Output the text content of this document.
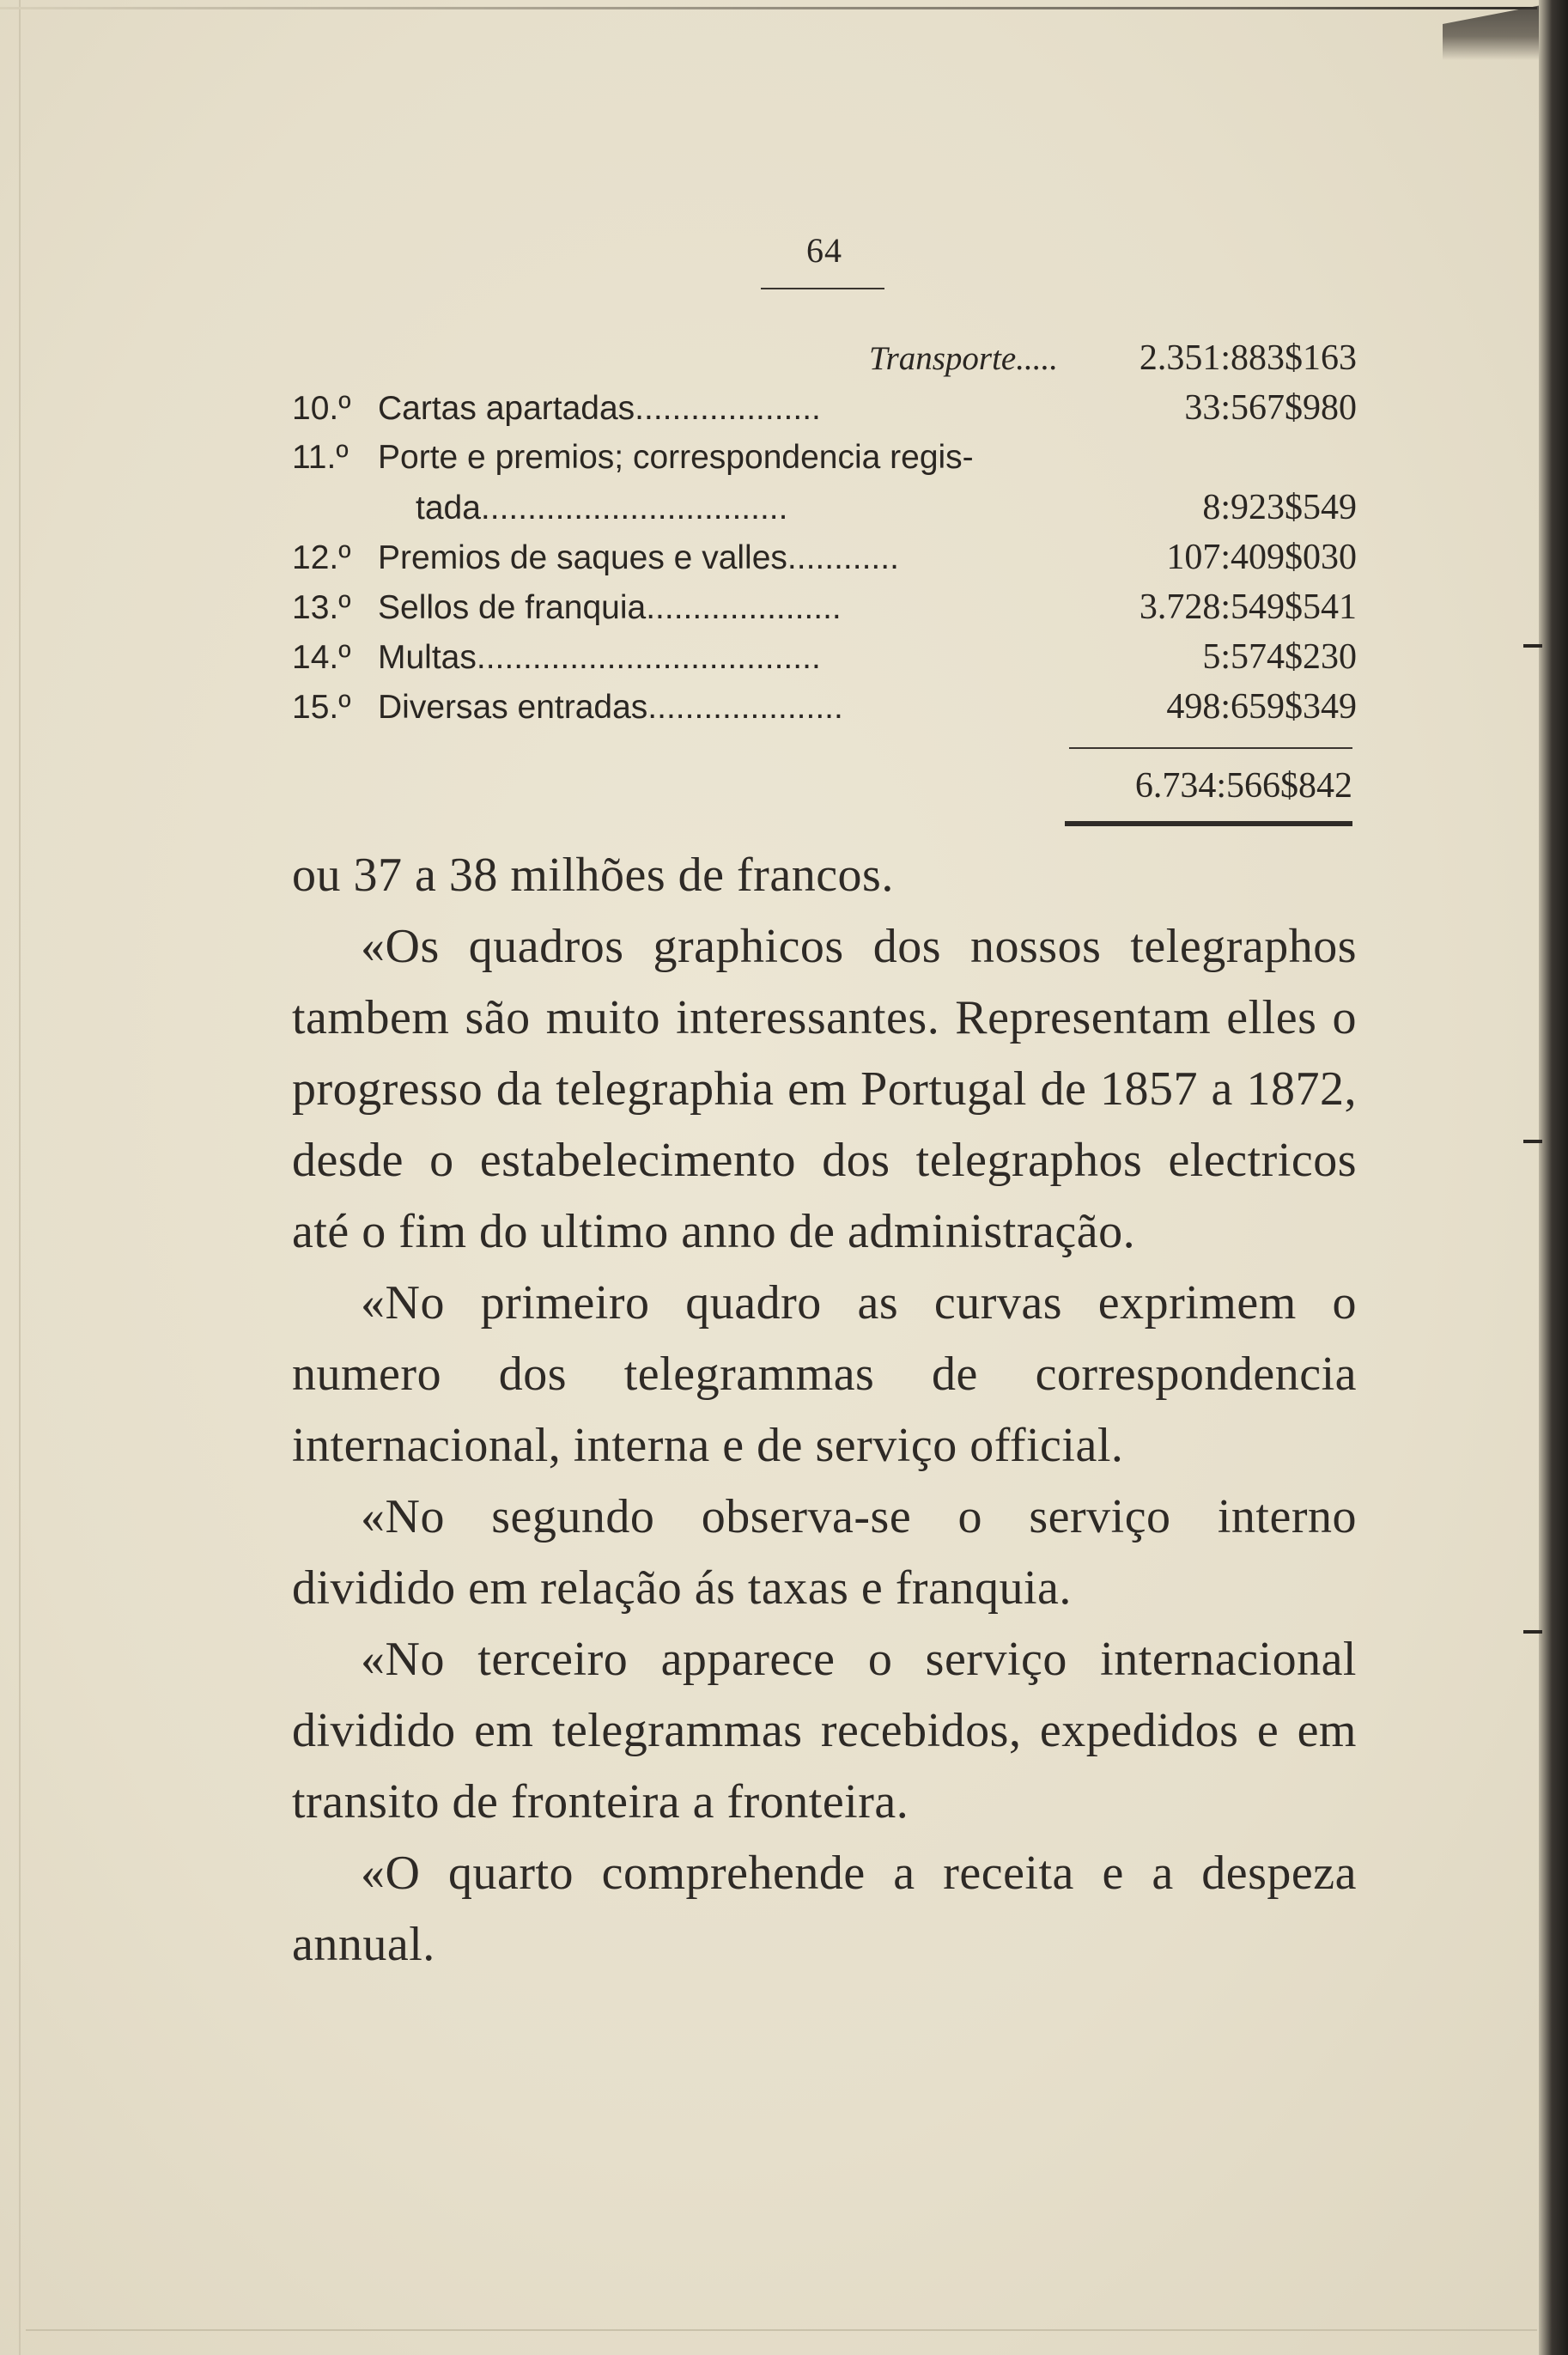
64
Transporte.....	2.351:883$163
10.º Cartas apartadas....................	33:567$980
11.º Porte e premios; correspondencia regis-
tada.................................	8:923$549
12.º Premios de saques e valles............	107:409$030
13.º Sellos de franquia.....................	3.728:549$541
14.º Multas.....................................	5:574$230
15.º Diversas entradas.....................	498:659$349
6.734:566$842

ou 37 a 38 milhões de francos.

«Os quadros graphicos dos nossos telegraphos tambem são muito interessantes. Representam elles o progresso da telegraphia em Portugal de 1857 a 1872, desde o estabelecimento dos telegraphos electricos até o fim do ultimo anno de administração.

«No primeiro quadro as curvas exprimem o numero dos telegrammas de correspondencia internacional, interna e de serviço official.

«No segundo observa-se o serviço interno dividido em relação ás taxas e franquia.

«No terceiro apparece o serviço internacional dividido em telegrammas recebidos, expedidos e em transito de fronteira a fronteira.

«O quarto comprehende a receita e a despeza annual.
